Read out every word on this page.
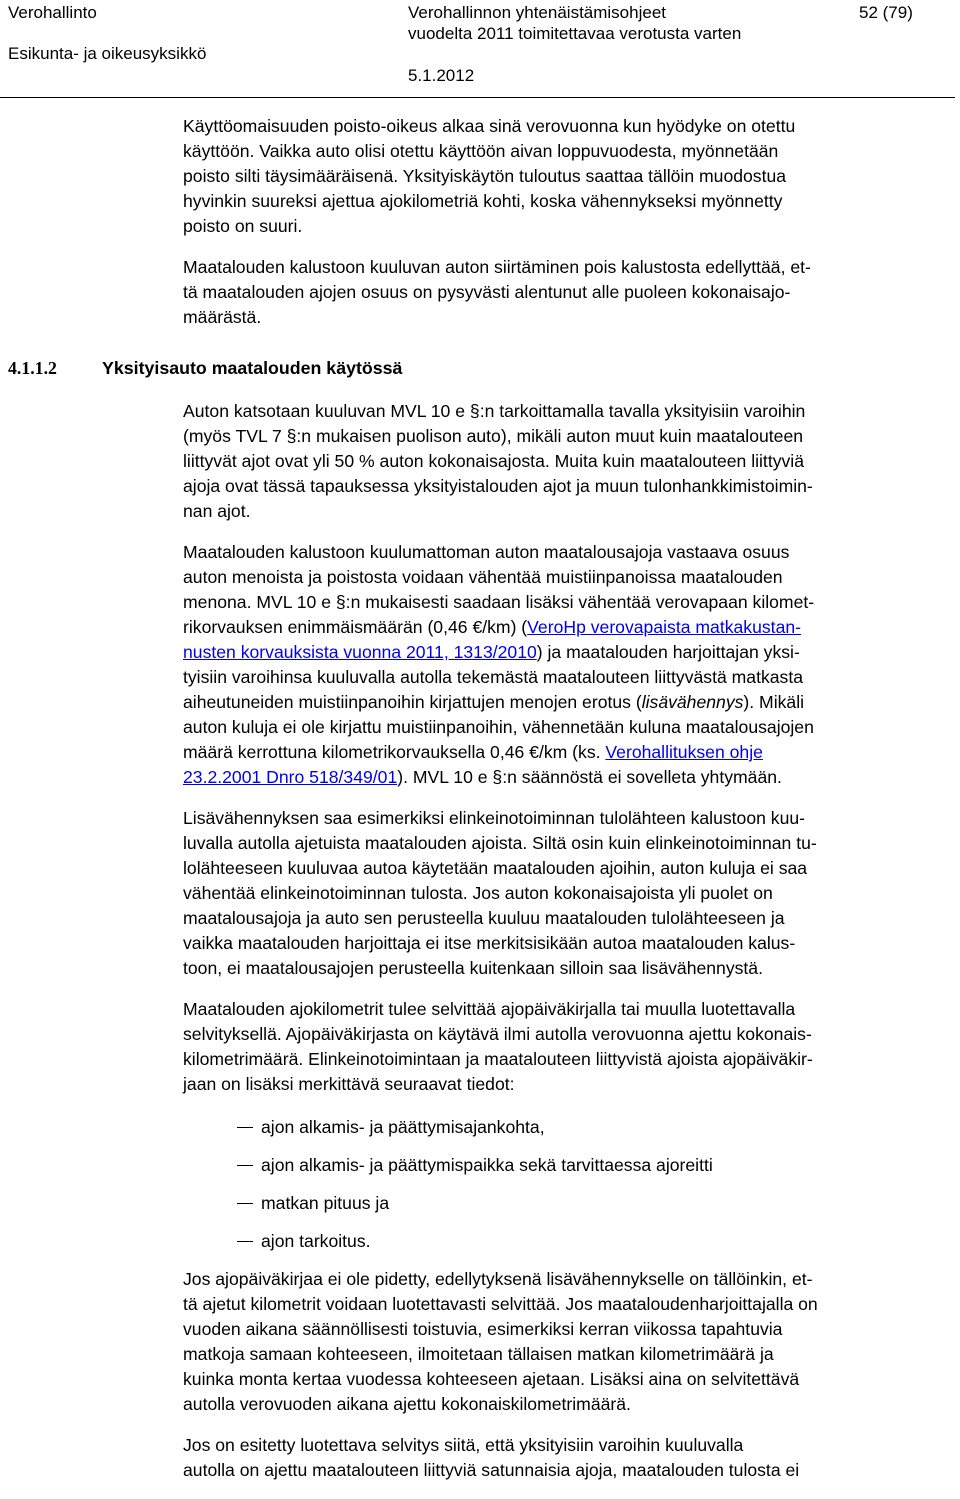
Verohallinto
Esikunta- ja oikeusyksikkö
Verohallinnon yhtenäistämisohjeet
vuodelta 2011 toimitettavaa verotusta varten
5.1.2012
52 (79)

Käyttöomaisuuden poisto-oikeus alkaa sinä verovuonna kun hyödyke on otettu
käyttöön. Vaikka auto olisi otettu käyttöön aivan loppuvuodesta, myönnetään
poisto silti täysimääräisenä. Yksityiskäytön tuloutus saattaa tällöin muodostua
hyvinkin suureksi ajettua ajokilometriä kohti, koska vähennykseksi myönnetty
poisto on suuri.

Maatalouden kalustoon kuuluvan auton siirtäminen pois kalustosta edellyttää, et-
tä maatalouden ajojen osuus on pysyvästi alentunut alle puoleen kokonaisajo-
määrästä.

4.1.1.2	Yksityisauto maatalouden käytössä

Auton katsotaan kuuluvan MVL 10 e §:n tarkoittamalla tavalla yksityisiin varoihin
(myös TVL 7 §:n mukaisen puolison auto), mikäli auton muut kuin maatalouteen
liittyvät ajot ovat yli 50 % auton kokonaisajosta. Muita kuin maatalouteen liittyviä
ajoja ovat tässä tapauksessa yksityistalouden ajot ja muun tulonhankkimistoimin-
nan ajot.

Maatalouden kalustoon kuulumattoman auton maatalousajoja vastaava osuus
auton menoista ja poistosta voidaan vähentää muistiinpanoissa maatalouden
menona. MVL 10 e §:n mukaisesti saadaan lisäksi vähentää verovapaan kilomet-
rikorvauksen enimmäismäärän (0,46 €/km) (VeroHp verovapaista matkakustan-
nusten korvauksista vuonna 2011, 1313/2010) ja maatalouden harjoittajan yksi-
tyisiin varoihinsa kuuluvalla autolla tekemästä maatalouteen liittyvästä matkasta
aiheutuneiden muistiinpanoihin kirjattujen menojen erotus (lisävähennys). Mikäli
auton kuluja ei ole kirjattu muistiinpanoihin, vähennetään kuluna maatalousajojen
määrä kerrottuna kilometrikorvauksella 0,46 €/km (ks. Verohallituksen ohje
23.2.2001 Dnro 518/349/01). MVL 10 e §:n säännöstä ei sovelleta yhtymään.

Lisävähennyksen saa esimerkiksi elinkeinotoiminnan tulolähteen kalustoon kuu-
luvalla autolla ajetuista maatalouden ajoista. Siltä osin kuin elinkeinotoiminnan tu-
lolähteeseen kuuluvaa autoa käytetään maatalouden ajoihin, auton kuluja ei saa
vähentää elinkeinotoiminnan tulosta. Jos auton kokonaisajoista yli puolet on
maatalousajoja ja auto sen perusteella kuuluu maatalouden tulolähteeseen ja
vaikka maatalouden harjoittaja ei itse merkitsisikään autoa maatalouden kalus-
toon, ei maatalousajojen perusteella kuitenkaan silloin saa lisävähennystä.

Maatalouden ajokilometrit tulee selvittää ajopäiväkirjalla tai muulla luotettavalla
selvityksellä. Ajopäiväkirjasta on käytävä ilmi autolla verovuonna ajettu kokonais-
kilometrimäärä. Elinkeinotoimintaan ja maatalouteen liittyvistä ajoista ajopäiväkir-
jaan on lisäksi merkittävä seuraavat tiedot:

ajon alkamis- ja päättymisajankohta,
ajon alkamis- ja päättymispaikka sekä tarvittaessa ajoreitti
matkan pituus ja
ajon tarkoitus.

Jos ajopäiväkirjaa ei ole pidetty, edellytyksenä lisävähennykselle on tällöinkin, et-
tä ajetut kilometrit voidaan luotettavasti selvittää. Jos maataloudenharjoittajalla on
vuoden aikana säännöllisesti toistuvia, esimerkiksi kerran viikossa tapahtuvia
matkoja samaan kohteeseen, ilmoitetaan tällaisen matkan kilometrimäärä ja
kuinka monta kertaa vuodessa kohteeseen ajetaan. Lisäksi aina on selvitettävä
autolla verovuoden aikana ajettu kokonaiskilometrimäärä.

Jos on esitetty luotettava selvitys siitä, että yksityisiin varoihin kuuluvalla
autolla on ajettu maatalouteen liittyviä satunnaisia ajoja, maatalouden tulosta ei
